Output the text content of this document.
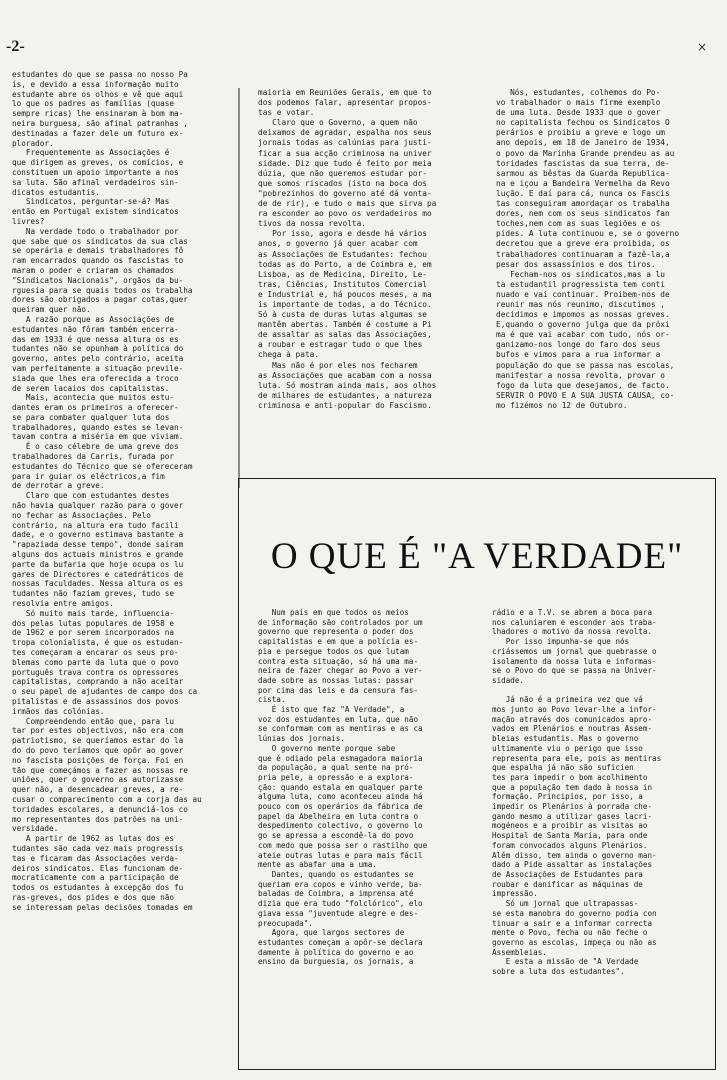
-2-	×
estudantes do que se passa no nosso Pa
ís, e devido a essa informação muito
estudante abre os olhos e vê que aqui
lo que os padres as famílias (quase
sempre ricas) lhe ensinaram à bom ma-
neira burguesa, são afinal patranhas ,
destinadas a fazer dele um futuro ex-
plorador.
Frequentemente as Associações é
que dirigem as greves, os comícios, e
constituem um apoio importante a nos
sa luta. São afinal verdadeiros sin-
dicatos estudantis.
Sindicatos, perguntar-se-á? Mas
então em Portugal existem sindicatos
livres?
Na verdade todo o trabalhador por
que sabe que os sindicatos da sua clas
se operária e demais trabalhadores fô
ram encarrados quando os fascistas to
maram o poder e criaram os chamados
"Sindicatos Nacionais", orgãos da bu-
rguesia para se quais todos os trabalha
dores são obrigados a pagar cotas,quer
queiram quer não.
A razão porque as Associações de
estudantes não fôram também encerra-
das em 1933 é que nessa altura os es
tudantes não se opunham à política do
governo, antes pelo contrário, aceita
vam perfeitamente a situação previle-
siada que lhes era oferecida a troco
de serem lacaios dos capitalistas.
Mais, acontecia que muitos estu-
dantes eram os primeiros a oferecer-
se para combater qualquer luta dos
trabalhadores, quando estes se levan-
tavam contra a miséria em que viviam.
É o caso célebre de uma greve dos
trabalhadores da Carris, furada por
estudantes do Técnico que se ofereceram
para ir guiar os eléctricos,a fim
de derrotar a greve.
Claro que com estudantes destes
não havia qualquer razão para o gover
no fechar as Associações. Pelo
contrário, na altura era tudo facili
dade, e o governo estimava bastante a
"rapaziada desse tempo", donde saíram
alguns dos actuais ministros e grande
parte da bufaria que hoje ocupa os lu
gares de Directores e catedráticos de
nossas faculdades. Nessa altura os es
tudantes não faziam greves, tudo se
resolvia entre amigos.
Só muito mais tarde, influencia-
dos pelas lutas populares de 1958 e
de 1962 e por serem incorporados na
tropa colonialista, é que os estudan-
tes começaram a encarar os seus pro-
blemas como parte da luta que o povo
português trava contra os opressores
capitalistas, comprando a não aceitar
o seu papel de ajudantes de campo dos ca
pitalistas e de assassinos dos povos
irmãos das colónias.
Compreendendo então que, para lu
tar por estes objectivos, não era com
patriotismo, se queríamos estar do la
do do povo teríamos que opôr ao gover
no fascista posições de força. Foi en
tão que começámos a fazer as nossas re
uniões, quer o governo as autorizasse
quer não, a desencadear greves, a re-
cusar o comparecimento com a corja das au
toridades escolares, a denunciá-los co
mo representantes dos patrões na uni-
versidade.
A partir de 1962 as lutas dos es
tudantes são cada vez mais progressis
tas e ficaram das Associações verda-
deiros sindicatos. Elas funcionam de-
mocraticamente com a participação de
todos os estudantes à excepção dos fu
ras-greves, dos pides e dos que não
se interessam pelas decisões tomadas em
maioria em Reuniões Gerais, em que to
dos podemos falar, apresentar propos-
tas e votar.
Claro que o Governo, a quem não
deixamos de agradar, espalha nos seus
jornais todas as calúnias para justi-
ficar a sua acção criminosa na univer
sidade. Diz que tudo é feito por meia
dúzia, que não queremos estudar por-
que somos riscados (isto na boca dos
"pobrezinhos do governo até dá vonta-
de de rir), e tudo o mais que sirva pa
ra esconder ao povo os verdadeiros mo
tivos da nossa revolta.
Por isso, agora e desde há vários
anos, o governo já quer acabar com
as Associações de Estudantes: fechou
todas as do Porto, a de Coimbra e, em
Lisboa, as de Medicina, Direito, Le-
tras, Ciências, Institutos Comercial
e Industrial e, há poucos meses, a ma
is importante de todas, a do Técnico.
Só à custa de duras lutas algumas se
mantêm abertas. Também é costume a Pi
de assaltar as salas das Associações,
a roubar e estragar tudo o que lhes
chega à pata.
Mas não é por eles nos fecharem
as Associações que acabam com a nossa
luta. Só mostram ainda mais, aos olhos
de milhares de estudantes, a natureza
criminosa e anti-popular do Fascismo.
Nós, estudantes, colhemos do Po-
vo trabalhador o mais firme exemplo
de uma luta. Desde 1933 que o gover
no capitalista fechou os Sindicatos O
perários e proibiu a greve e logo um
ano depois, em 18 de Janeiro de 1934,
o povo da Marinha Grande prendeu as au
toridades fascistas da sua terra, de-
sarmou as bêstas da Guarda Republica-
na e içou a Bandeira Vermelha da Revo
lução. E daí para cá, nunca os Fascis
tas conseguiram amordaçar os trabalha
dores, nem com os seus sindicatos fan
toches,nem com as suas legiões e os
pides. A luta continuou e, se o governo
decretou que a greve era proibida, os
trabalhadores continuaram a fazê-la,a
pesar dos assassínios e dos tiros.
Fecham-nos os sindicatos,mas a lu
ta estudantil progressista tem conti
nuado e vai continuar. Proibem-nos de
reunir mas nós reunimo, discutimos ,
decidimos e impomos as nossas greves.
E,quando o governo julga que da próxi
ma é que vai acabar com tudo, nós or-
ganizamo-nos longe do faro dos seus
bufos e vimos para a rua informar a
população do que se passa nas escolas,
manifestar a nossa revolta, provar o
fogo da luta que desejamos, de facto.
SERVIR O POVO E A SUA JUSTA CAUSA, co-
mo fizémos no 12 de Outubro.
O QUE É "A VERDADE"
Num país em que todos os meios
de informação são controlados por um
governo que representa o poder dos
capitalistas e em que a polícia es-
pia e persegue todos os que lutam
contra esta situação, só há uma ma-
neira de fazer chegar ao Povo a ver-
dade sobre as nossas lutas: passar
por cima das leis e da censura fas-
cista.
É isto que faz "A Verdade", a
voz dos estudantes em luta, que não
se conformam com as mentiras e as ca
lúnias dos jornais.
O governo mente porque sabe
que é odiado pela esmagadora maioria
da população, a qual sente na pró-
pria pele, a opressão e a explora-
ção: quando estala em qualquer parte
alguma luta, como aconteceu ainda há
pouco com os operários da fábrica de
papel da Abelheira em luta contra o
despedimento colectivo, o governo lo
go se apressa a escondê-la do povo
com medo que possa ser o rastilho que
ateie outras lutas e para mais fácil
mente as abafar uma a uma.
Dantes, quando os estudantes se
queriam era copos e vinho verde, ba-
baladas de Coimbra, a imprensa até
dizia que era tudo "folclórico", elo
giava essa "juventude alegre e des-
preocupada".
Agora, que largos sectores de
estudantes começam a opôr-se declara
damente à política do governo e ao
ensino da burguesia, os jornais, a
rádio e a T.V. se abrem a boca para
nos caluniarem e esconder aos traba-
lhadores o motivo da nossa revolta.
Por isso impunha-se que nós
criássemos um jornal que quebrasse o
isolamento da nossa luta e informas-
se o Povo do que se passa na Univer-
sidade.

Já não é a primeira vez que vá
mos junto ao Povo levar-lhe a infor-
mação através dos comunicados apro-
vados em Plenários e noutras Assem-
bleias estudantis. Mas o governo
ultimamente viu o perigo que isso
representa para ele, pois as mentiras
que espalha já não são suficien
tes para impedir o bom acolhimento
que a população tem dado à nossa in
formação. Principios, por isso, a
impedir os Plenários à porrada che-
gando mesmo a utilizar gases lacri-
mogéneos e a proibir as visitas ao
Hospital de Santa Maria, para onde
foram convocados alguns Plenários.
Além disso, tem ainda o governo man-
dado a Pide assaltar as instalações
de Associações de Estudantes para
roubar e danificar as máquinas de
impressão.
Só um jornal que ultrapassas-
se esta manobra do governo podia con
tinuar a sair e a informar correcta
mente o Povo, fecha ou não feche o
governo as escolas, impeça ou não as
Assembleias.
E esta a missão de "A Verdade
sobre a luta dos estudantes".
